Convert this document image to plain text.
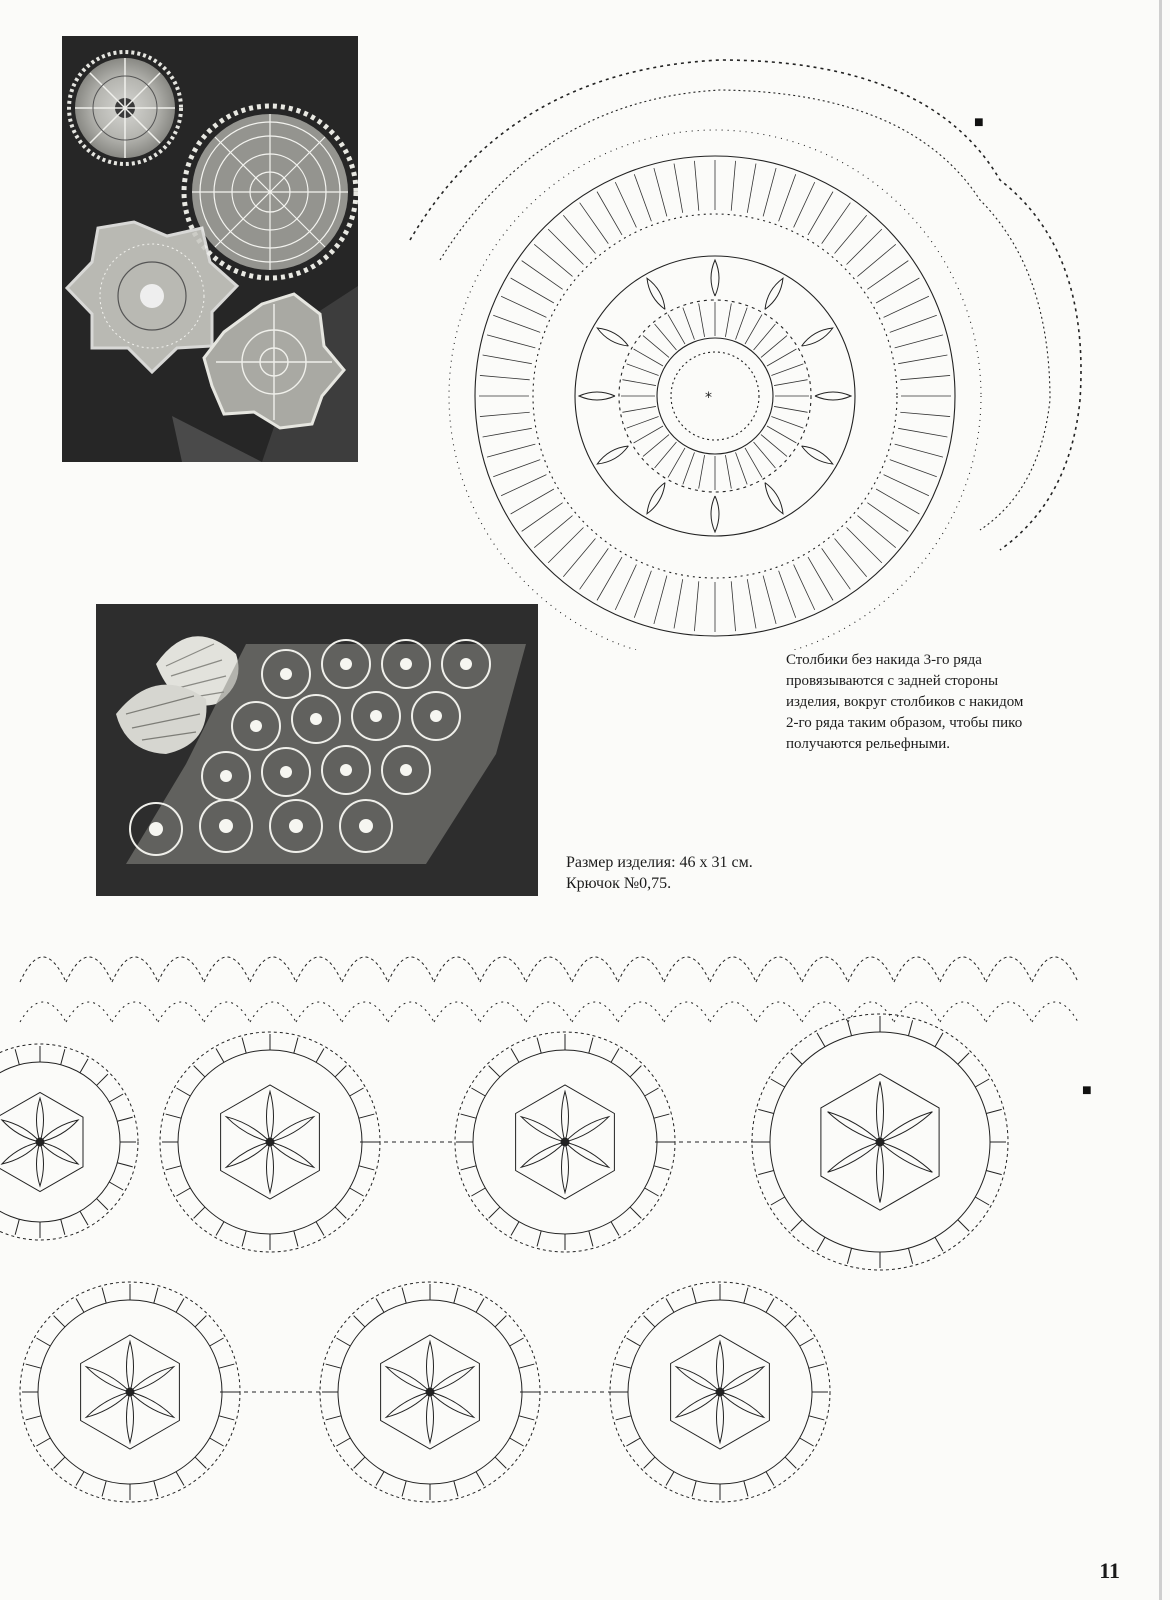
*
■
Столбики без накида 3-го ряда
провязываются с задней стороны
изделия, вокруг столбиков с накидом
2-го ряда таким образом, чтобы пико
получаются рельефными.
Размер изделия: 46 x 31 см.
Крючок №0,75.
■
11
